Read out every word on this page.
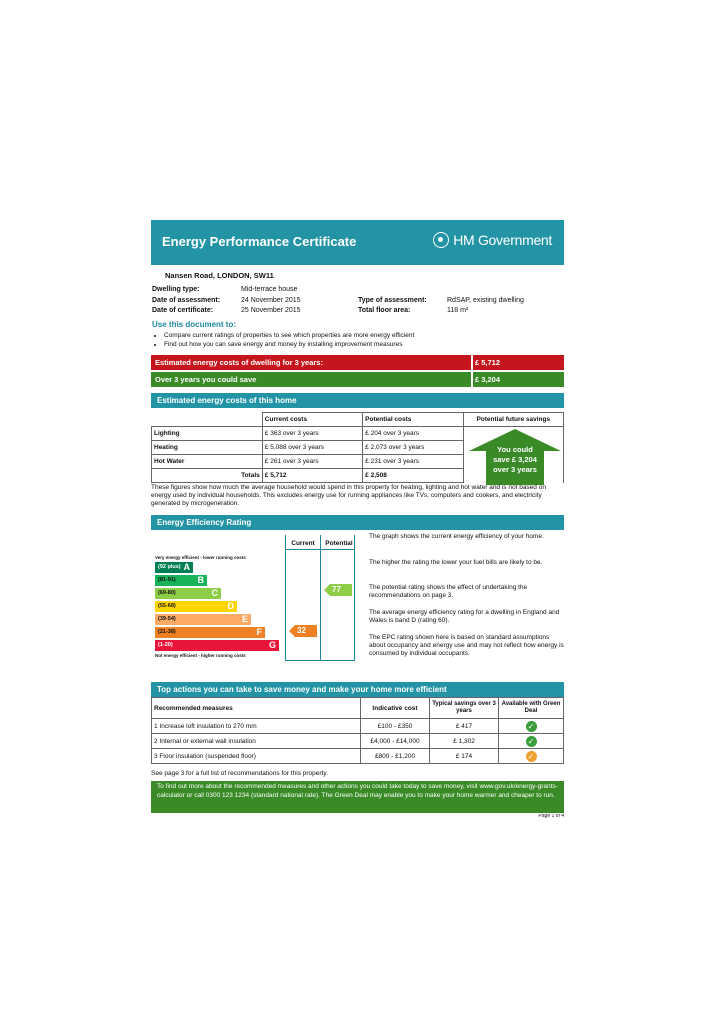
Energy Performance Certificate	HM Government
Nansen Road, LONDON, SW11
Dwelling type:	Mid-terrace house
Date of assessment:	24 November 2015
Date of certificate:	25 November 2015
Type of assessment:	RdSAP, existing dwelling
Total floor area:	118 m²
Use this document to:
• Compare current ratings of properties to see which properties are more energy efficient
• Find out how you can save energy and money by installing improvement measures
Estimated energy costs of dwelling for 3 years:	£ 5,712
Over 3 years you could save	£ 3,204
Estimated energy costs of this home
	Current costs	Potential costs	Potential future savings
Lighting	£ 363 over 3 years	£ 204 over 3 years	
Heating	£ 5,088 over 3 years	£ 2,073 over 3 years	
Hot Water	£ 261 over 3 years	£ 231 over 3 years	
Totals	£ 5,712	£ 2,508	
You could
save £ 3,204
over 3 years
These figures show how much the average household would spend in this property for heating, lighting and hot water and is not based on energy used by individual households. This excludes energy use for running appliances like TVs, computers and cookers, and electricity generated by microgeneration.
Energy Efficiency Rating
Current	Potential
Very energy efficient - lower running costs
(92 plus) A
(81-91) B
(69-80)	C
(55-68)	D
(39-54)	E
(21-38)	F
(1-20)	G
Not energy efficient - higher running costs
32
77
The graph shows the current energy efficiency of your home.
The higher the rating the lower your fuel bills are likely to be.
The potential rating shows the effect of undertaking the recommendations on page 3.
The average energy efficiency rating for a dwelling in England and Wales is band D (rating 60).
The EPC rating shown here is based on standard assumptions about occupancy and energy use and may not reflect how energy is consumed by individual occupants.
Top actions you can take to save money and make your home more efficient
Recommended measures	Indicative cost	Typical savings over 3 years	Available with Green Deal
1 Increase loft insulation to 270 mm	£100 - £350	£ 417	✓
2 Internal or external wall insulation	£4,000 - £14,000	£ 1,302	✓
3 Floor insulation (suspended floor)	£800 - £1,200	£ 174	✓
See page 3 for a full list of recommendations for this property.
To find out more about the recommended measures and other actions you could take today to save money, visit www.gov.uk/energy-grants-calculator or call 0300 123 1234 (standard national rate). The Green Deal may enable you to make your home warmer and cheaper to run.
Page 1 of 4
